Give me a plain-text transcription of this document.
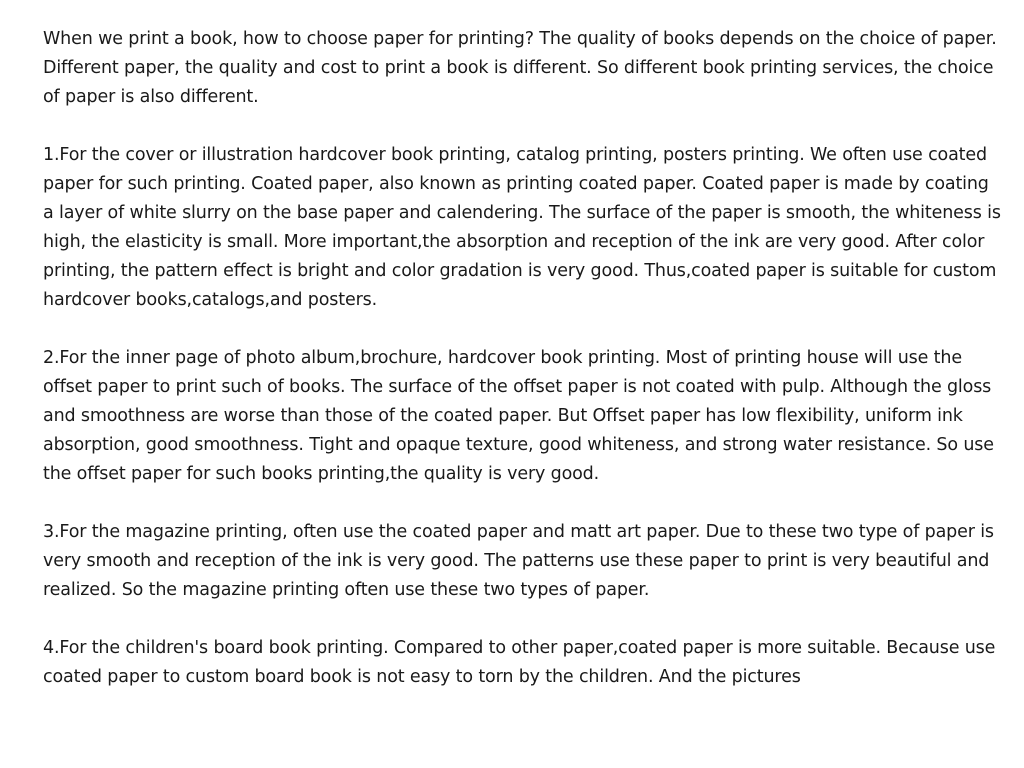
When we print a book, how to choose paper for printing? The quality of books depends on the choice of paper. Different paper, the quality and cost to print a book is different. So different book printing services, the choice of paper is also different.

1.For the cover or illustration hardcover book printing, catalog printing, posters printing. We often use coated paper for such printing. Coated paper, also known as printing coated paper. Coated paper is made by coating a layer of white slurry on the base paper and calendering. The surface of the paper is smooth, the whiteness is high, the elasticity is small. More important,the absorption and reception of the ink are very good. After color printing, the pattern effect is bright and color gradation is very good. Thus,coated paper is suitable for custom hardcover books,catalogs,and posters.

2.For the inner page of photo album,brochure, hardcover book printing. Most of printing house will use the offset paper to print such of books. The surface of the offset paper is not coated with pulp. Although the gloss and smoothness are worse than those of the coated paper. But Offset paper has low flexibility, uniform ink absorption, good smoothness. Tight and opaque texture, good whiteness, and strong water resistance. So use the offset paper for such books printing,the quality is very good.

3.For the magazine printing, often use the coated paper and matt art paper. Due to these two type of paper is very smooth and reception of the ink is very good. The patterns use these paper to print is very beautiful and realized. So the magazine printing often use these two types of paper.

4.For the children's board book printing. Compared to other paper,coated paper is more suitable. Because use coated paper to custom board book is not easy to torn by the children. And the pictures
